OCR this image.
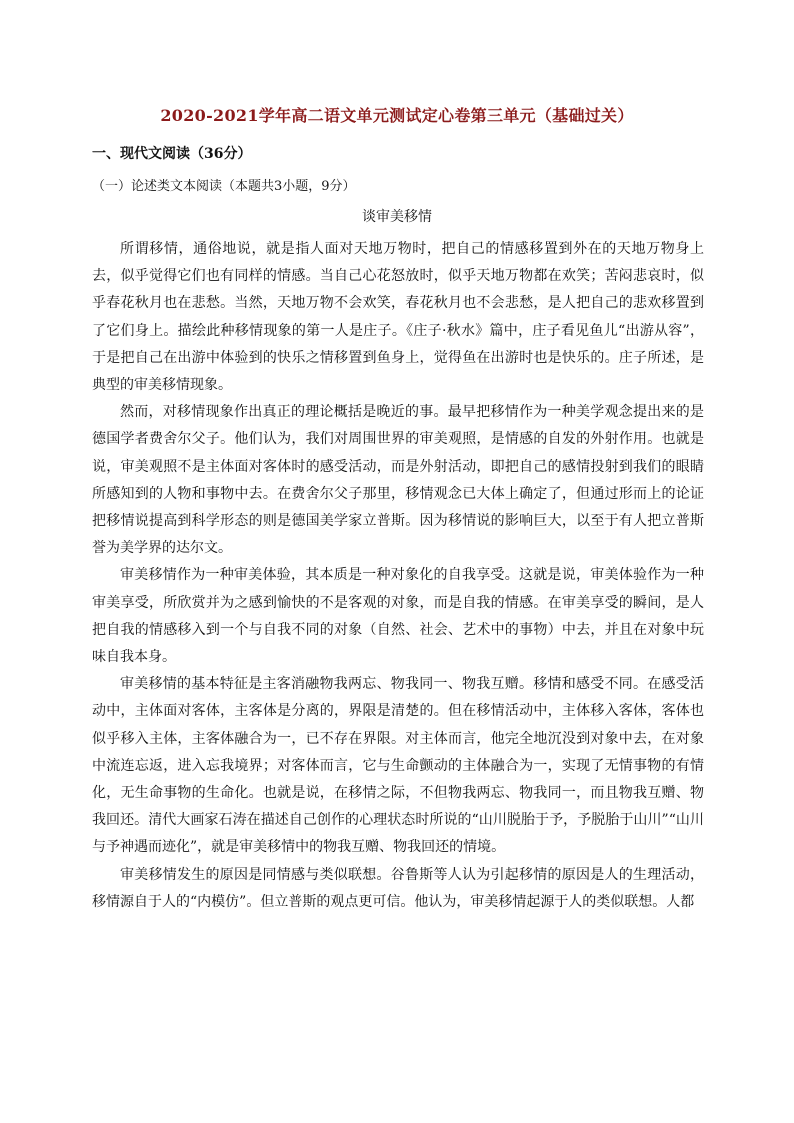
2020-2021学年高二语文单元测试定心卷第三单元（基础过关）
一、现代文阅读（36分）
（一）论述类文本阅读（本题共3小题，9分）
谈审美移情

所谓移情，通俗地说，就是指人面对天地万物时，把自己的情感移置到外在的天地万物身上去，似乎觉得它们也有同样的情感。当自己心花怒放时，似乎天地万物都在欢笑；苦闷悲哀时，似乎春花秋月也在悲愁。当然，天地万物不会欢笑，春花秋月也不会悲愁，是人把自己的悲欢移置到了它们身上。描绘此种移情现象的第一人是庄子。《庄子·秋水》篇中，庄子看见鱼儿“出游从容”，于是把自己在出游中体验到的快乐之情移置到鱼身上，觉得鱼在出游时也是快乐的。庄子所述，是典型的审美移情现象。

然而，对移情现象作出真正的理论概括是晚近的事。最早把移情作为一种美学观念提出来的是德国学者费舍尔父子。他们认为，我们对周围世界的审美观照，是情感的自发的外射作用。也就是说，审美观照不是主体面对客体时的感受活动，而是外射活动，即把自己的感情投射到我们的眼睛所感知到的人物和事物中去。在费舍尔父子那里，移情观念已大体上确定了，但通过形而上的论证把移情说提高到科学形态的则是德国美学家立普斯。因为移情说的影响巨大，以至于有人把立普斯誉为美学界的达尔文。

审美移情作为一种审美体验，其本质是一种对象化的自我享受。这就是说，审美体验作为一种审美享受，所欣赏并为之感到愉快的不是客观的对象，而是自我的情感。在审美享受的瞬间，是人把自我的情感移入到一个与自我不同的对象（自然、社会、艺术中的事物）中去，并且在对象中玩味自我本身。

审美移情的基本特征是主客消融物我两忘、物我同一、物我互赠。移情和感受不同。在感受活动中，主体面对客体，主客体是分离的，界限是清楚的。但在移情活动中，主体移入客体，客体也似乎移入主体，主客体融合为一，已不存在界限。对主体而言，他完全地沉没到对象中去，在对象中流连忘返，进入忘我境界；对客体而言，它与生命颤动的主体融合为一，实现了无情事物的有情化，无生命事物的生命化。也就是说，在移情之际，不但物我两忘、物我同一，而且物我互赠、物我回还。清代大画家石涛在描述自己创作的心理状态时所说的“山川脱胎于予，予脱胎于山川”“山川与予神遇而迹化”，就是审美移情中的物我互赠、物我回还的情境。

审美移情发生的原因是同情感与类似联想。谷鲁斯等人认为引起移情的原因是人的生理活动，移情源自于人的“内模仿”。但立普斯的观点更可信。他认为，审美移情起源于人的类似联想。人都
